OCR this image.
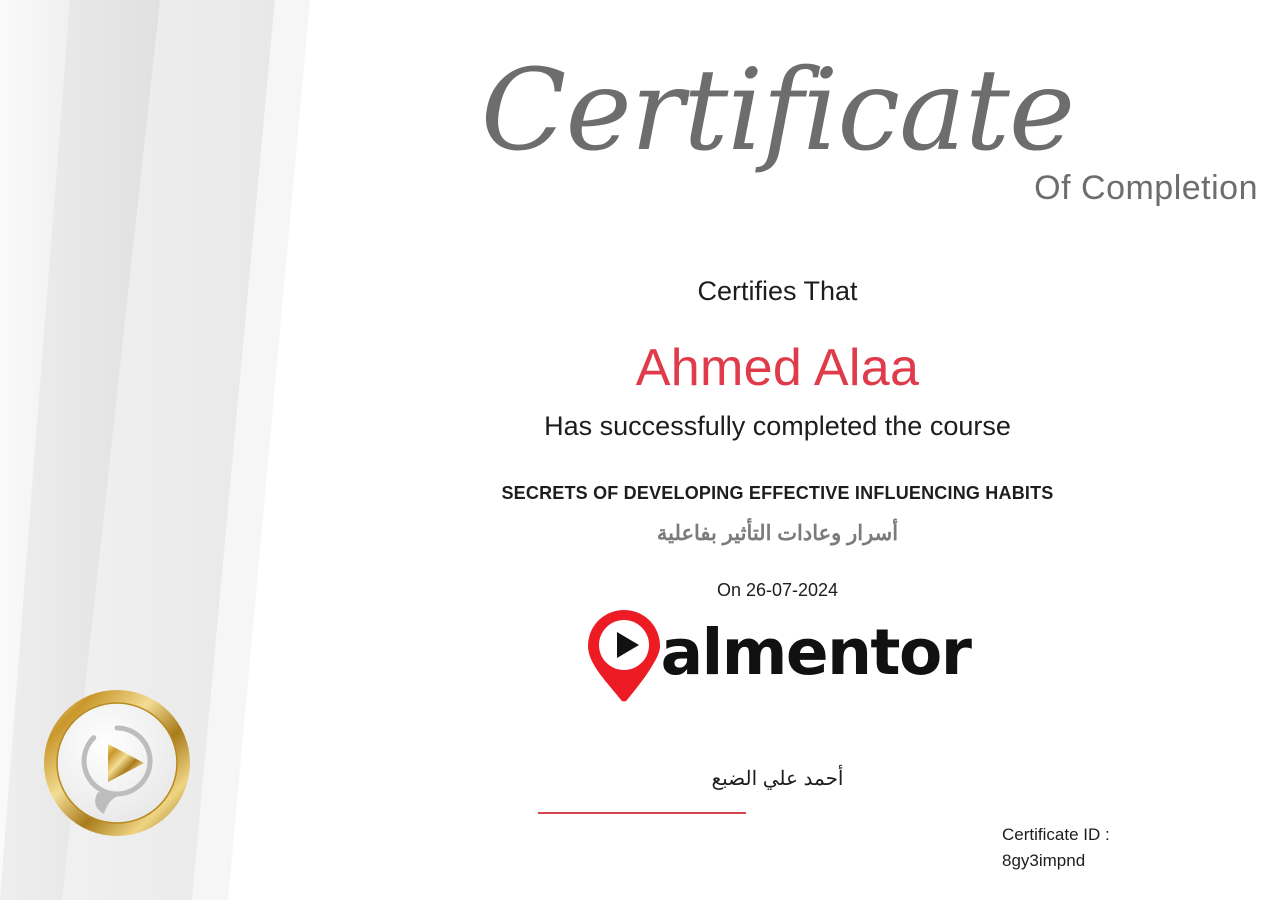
Certificate
Of Completion
Certifies That
Ahmed Alaa
Has successfully completed the course
SECRETS OF DEVELOPING EFFECTIVE INFLUENCING HABITS
أسرار وعادات التأثير بفاعلية
On 26-07-2024
almentor
أحمد علي الضبع
Certificate ID :
8gy3impnd
